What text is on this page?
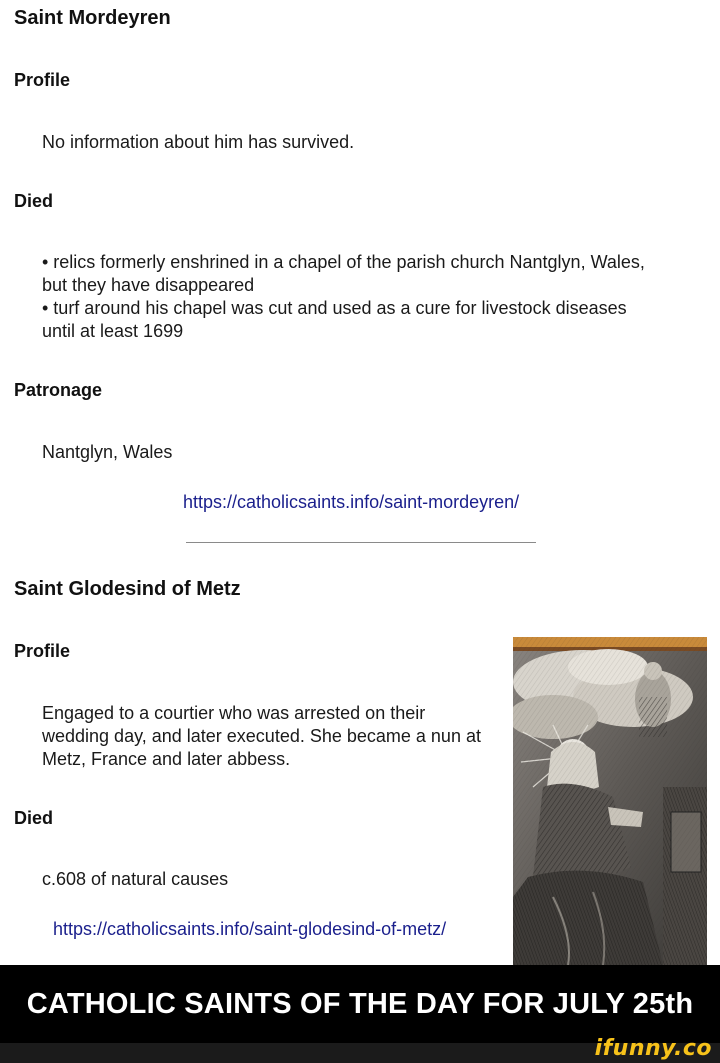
Saint Mordeyren
Profile

No information about him has survived.

Died
• relics formerly enshrined in a chapel of the parish church Nantglyn, Wales,
but they have disappeared
• turf around his chapel was cut and used as a cure for livestock diseases
until at least 1699
Patronage

Nantglyn, Wales

https://catholicsaints.info/saint-mordeyren/
Saint Glodesind of Metz
Profile
Engaged to a courtier who was arrested on their
wedding day, and later executed. She became a nun at
Metz, France and later abbess.
Died

c.608 of natural causes

https://catholicsaints.info/saint-glodesind-of-metz/
CATHOLIC SAINTS OF THE DAY FOR JULY 25th
ifunny.co
